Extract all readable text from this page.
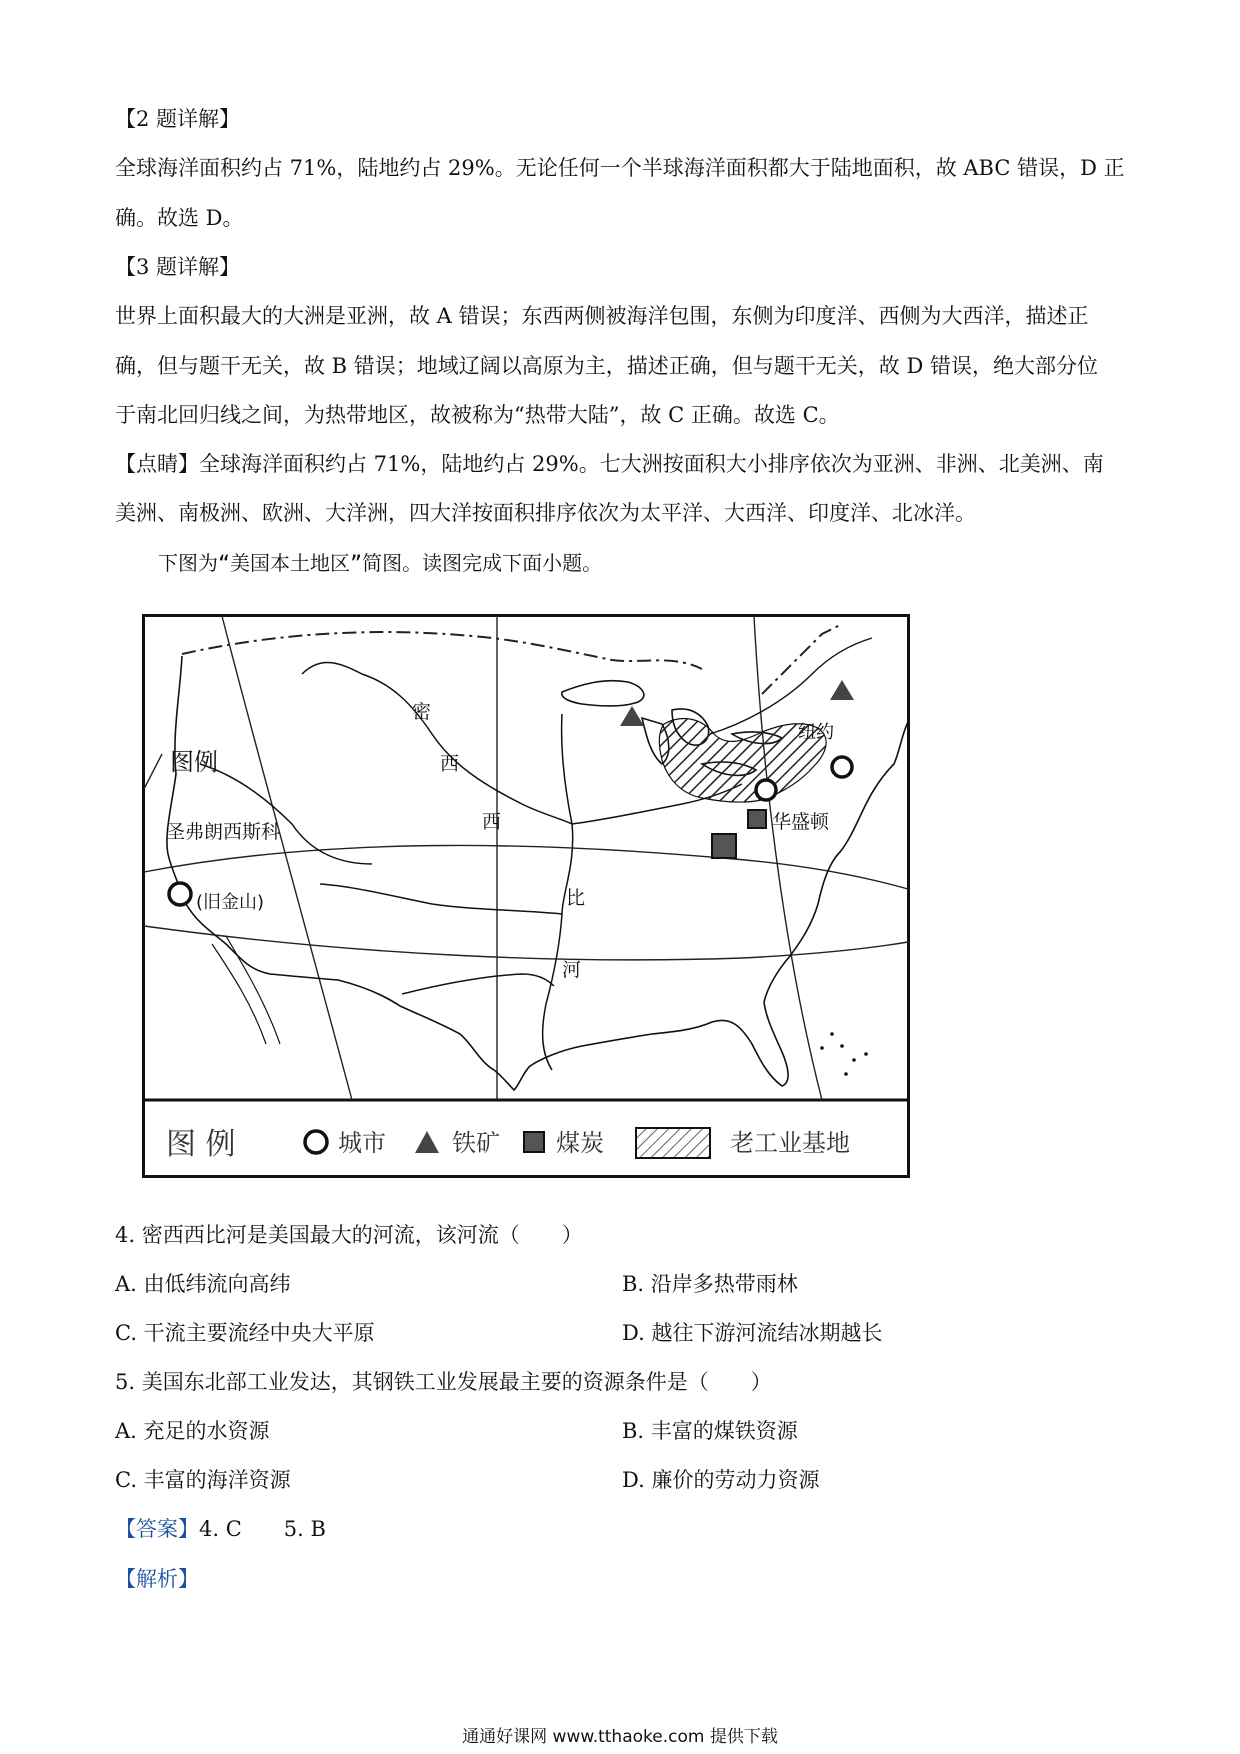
【2 题详解】
全球海洋面积约占 71%，陆地约占 29%。无论任何一个半球海洋面积都大于陆地面积，故 ABC 错误，D 正
确。故选 D。
【3 题详解】
世界上面积最大的大洲是亚洲，故 A 错误；东西两侧被海洋包围，东侧为印度洋、西侧为大西洋，描述正
确，但与题干无关，故 B 错误；地域辽阔以高原为主，描述正确，但与题干无关，故 D 错误，绝大部分位
于南北回归线之间，为热带地区，故被称为“热带大陆”，故 C 正确。故选 C。
【点睛】全球海洋面积约占 71%，陆地约占 29%。七大洲按面积大小排序依次为亚洲、非洲、北美洲、南
美洲、南极洲、欧洲、大洋洲，四大洋按面积排序依次为太平洋、大西洋、印度洋、北冰洋。
下图为“美国本土地区”简图。读图完成下面小题。
图例
密
西
西
比
河
圣弗朗西斯科
(旧金山)
纽约
华盛顿
图 例	城市	铁矿 煤炭	老工业基地
4. 密西西比河是美国最大的河流，该河流（　　）
A. 由低纬流向高纬	B. 沿岸多热带雨林
C. 干流主要流经中央大平原	D. 越往下游河流结冰期越长
5. 美国东北部工业发达，其钢铁工业发展最主要的资源条件是（　　）
A. 充足的水资源	B. 丰富的煤铁资源
C. 丰富的海洋资源	D. 廉价的劳动力资源
【答案】4. C　　5. B
【解析】
通通好课网 www.tthaoke.com 提供下载
